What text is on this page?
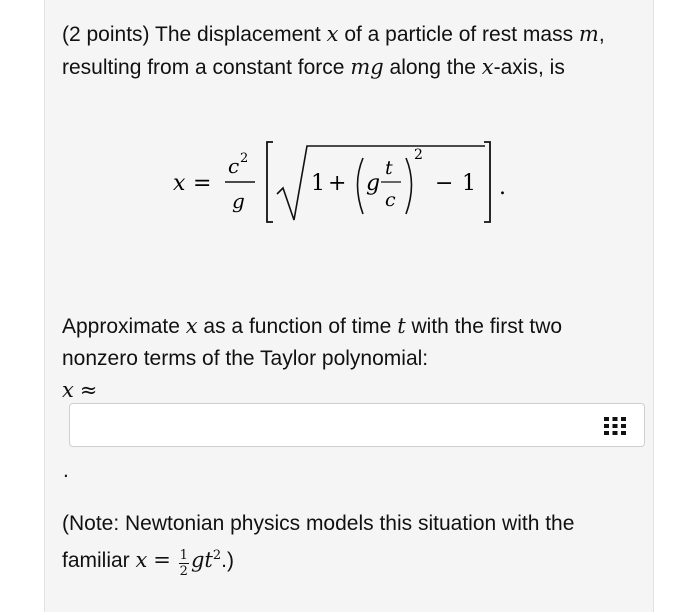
(2 points) The displacement x of a particle of rest mass m, resulting from a constant force mg along the x-axis, is

x =
c 2
g
1 + g
t
c
2
− 1 .

Approximate x as a function of time t with the first two nonzero terms of the Taylor polynomial:

x ≈

.

(Note: Newtonian physics models this situation with the familiar $x = \frac{1}{2} gt^2$.)
